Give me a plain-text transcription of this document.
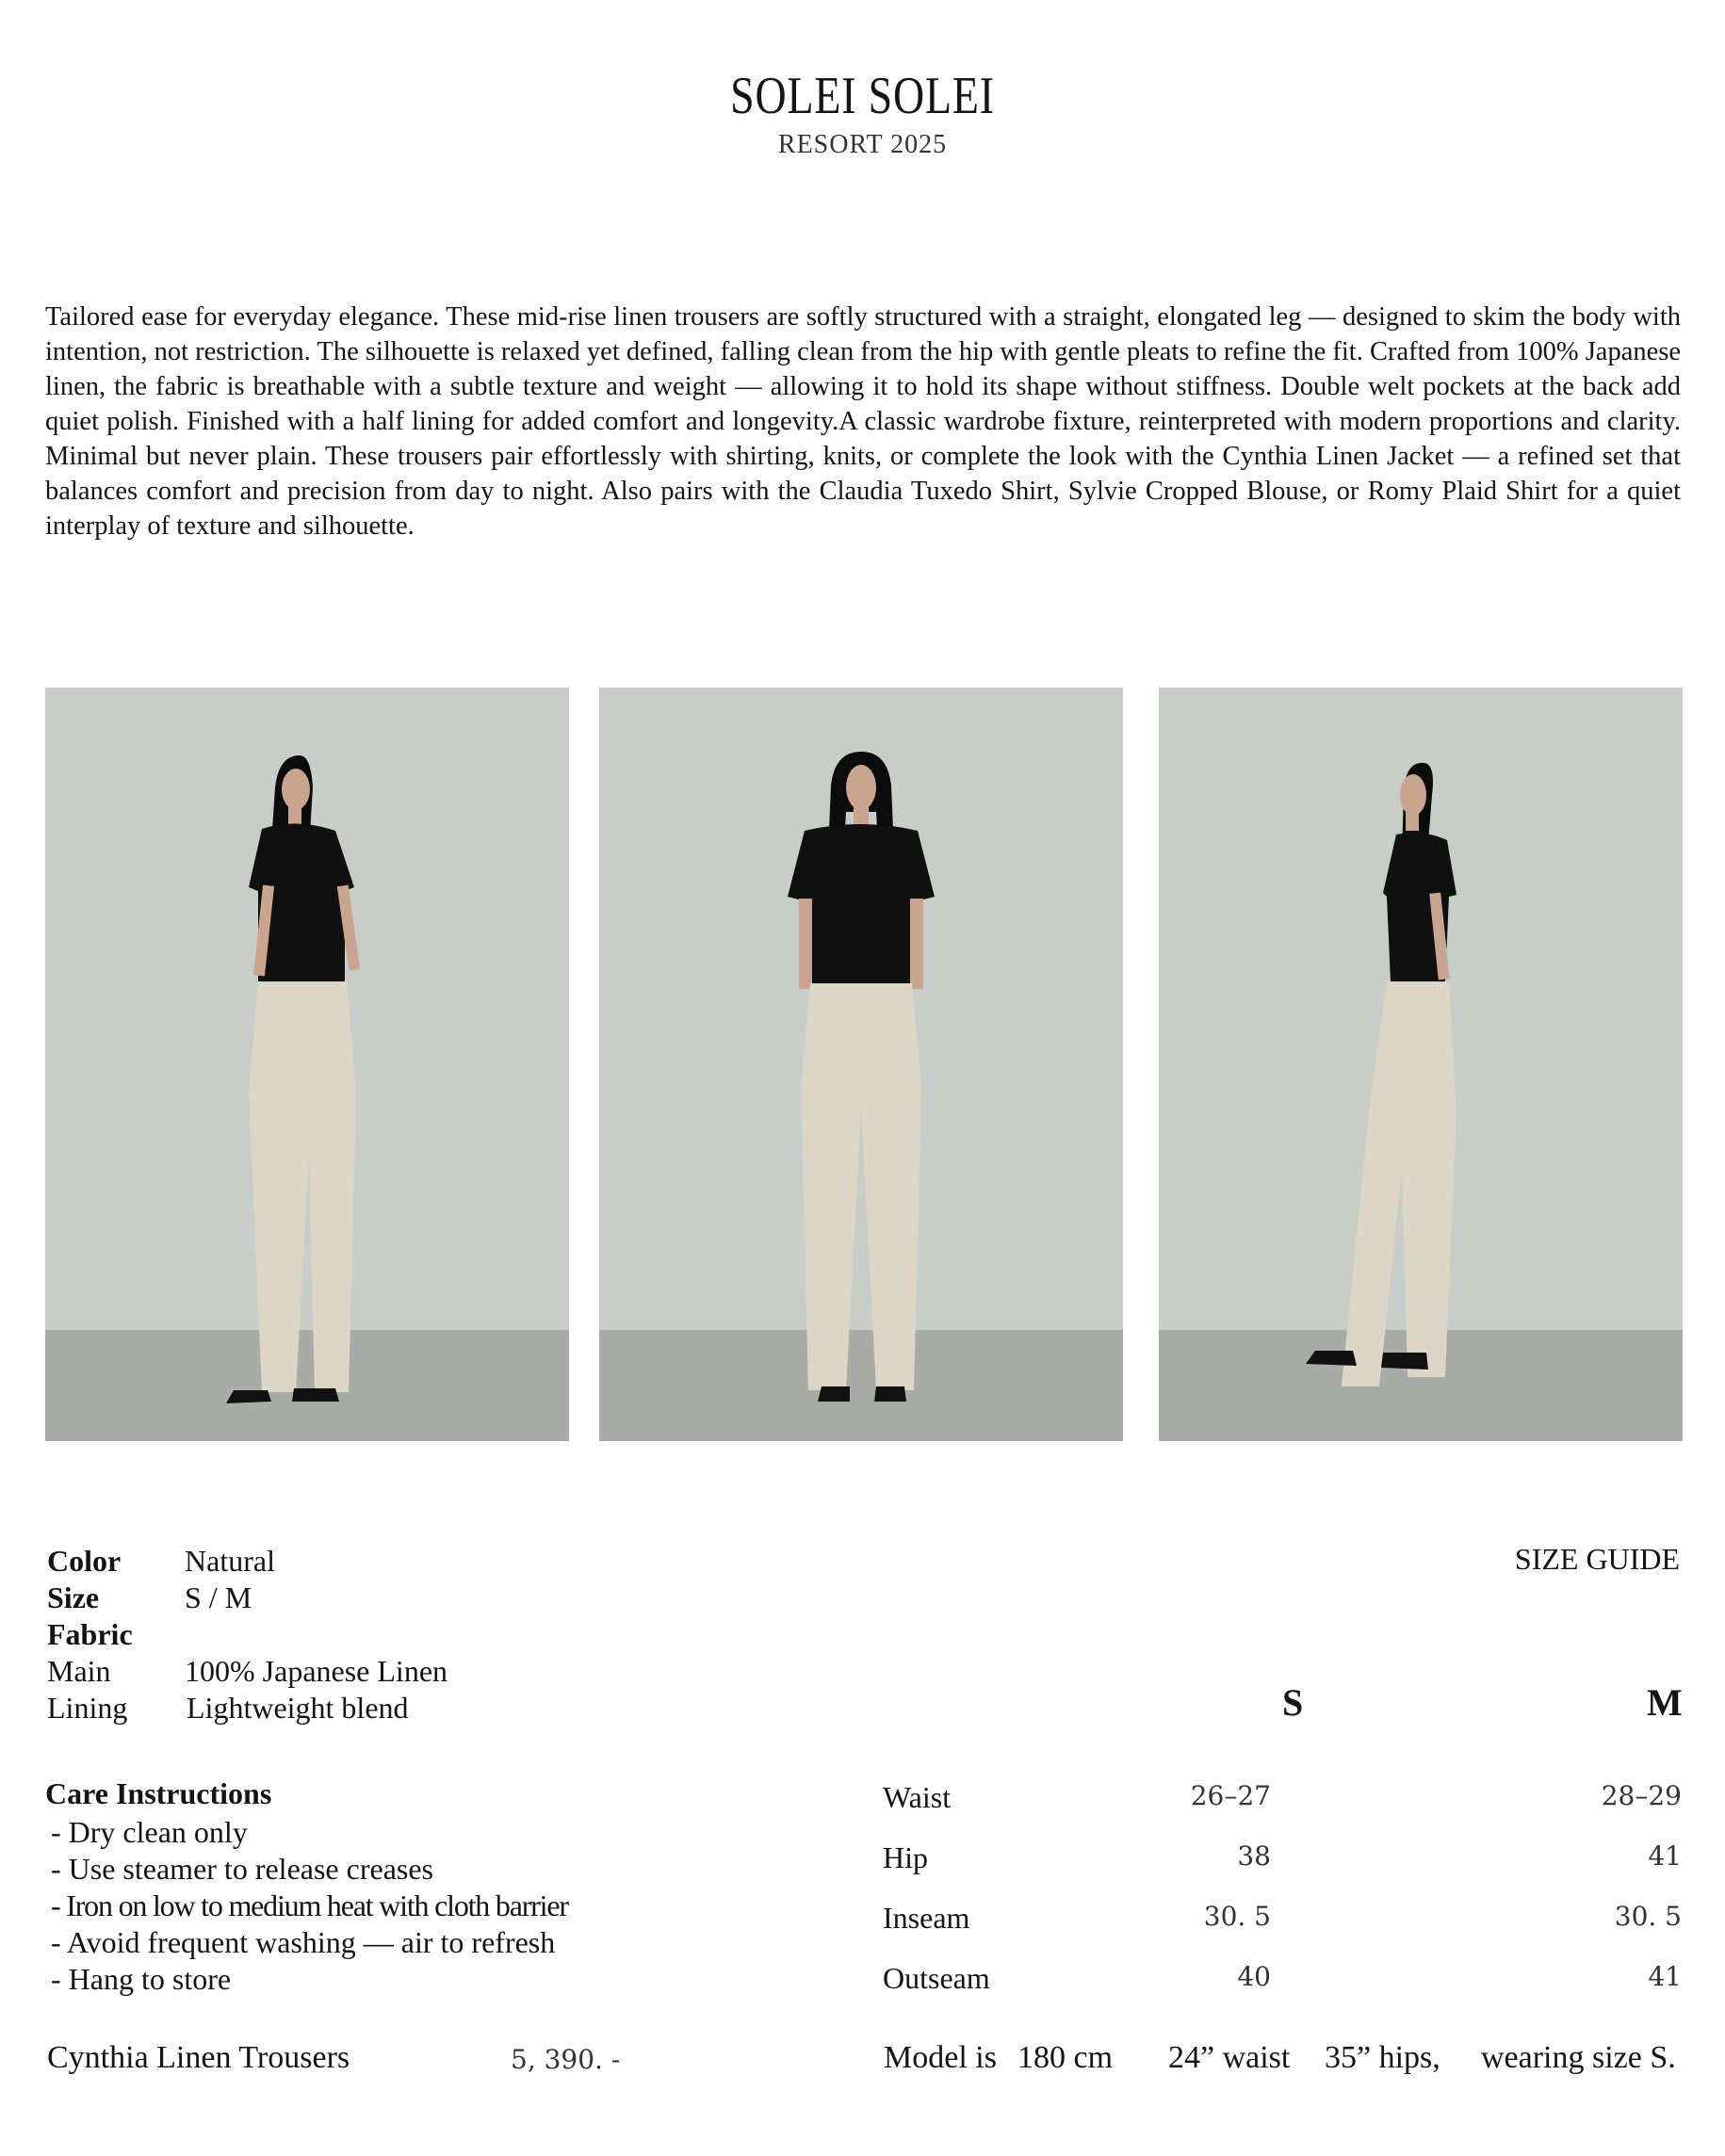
SOLEI SOLEI
RESORT 2025

Tailored ease for everyday elegance. These mid-rise linen trousers are softly structured with a straight, elongated leg — designed to skim the body with intention, not restriction. The silhouette is relaxed yet defined, falling clean from the hip with gentle pleats to refine the fit. Crafted from 100% Japanese linen, the fabric is breathable with a subtle texture and weight — allowing it to hold its shape without stiffness. Double welt pockets at the back add quiet polish. Finished with a half lining for added comfort and longevity.A classic wardrobe fixture, reinterpreted with modern proportions and clarity. Minimal but never plain. These trousers pair effortlessly with shirting, knits, or complete the look with the Cynthia Linen Jacket — a refined set that balances comfort and precision from day to night. Also pairs with the Claudia Tuxedo Shirt, Sylvie Cropped Blouse, or Romy Plaid Shirt for a quiet interplay of texture and silhouette.

Color Natural
Size	S / M
Fabric
Main 100% Japanese Linen
Lining Lightweight blend
SIZE GUIDE
S	M
Waist	26–27	28–29
Hip	38	41
Inseam	30. 5	30. 5
Outseam	40	41
Care Instructions
- Dry clean only
- Use steamer to release creases
- Iron on low to medium heat with cloth barrier
- Avoid frequent washing — air to refresh
- Hang to store
Cynthia Linen Trousers	5, 390. -	Model is 180 cm 24” waist 35” hips, wearing size S.
